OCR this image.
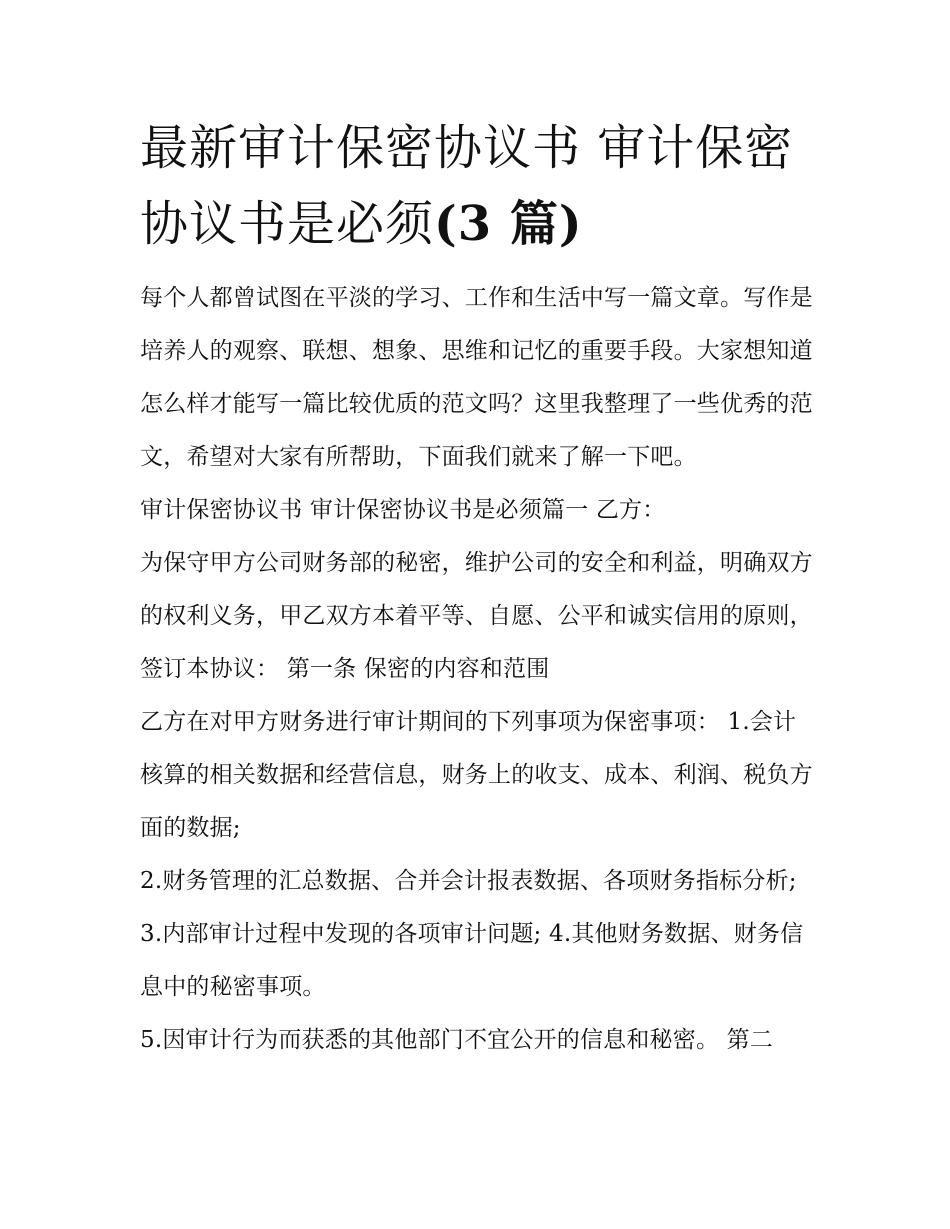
最新审计保密协议书 审计保密协议书是必须(3 篇)

每个人都曾试图在平淡的学习、工作和生活中写一篇文章。写作是培养人的观察、联想、想象、思维和记忆的重要手段。大家想知道怎么样才能写一篇比较优质的范文吗？这里我整理了一些优秀的范文，希望对大家有所帮助，下面我们就来了解一下吧。

审计保密协议书 审计保密协议书是必须篇一 乙方：

为保守甲方公司财务部的秘密，维护公司的安全和利益，明确双方的权利义务，甲乙双方本着平等、自愿、公平和诚实信用的原则，签订本协议： 第一条 保密的内容和范围

乙方在对甲方财务进行审计期间的下列事项为保密事项： 1.会计核算的相关数据和经营信息，财务上的收支、成本、利润、税负方面的数据;

2.财务管理的汇总数据、合并会计报表数据、各项财务指标分析; 3.内部审计过程中发现的各项审计问题; 4.其他财务数据、财务信息中的秘密事项。

5.因审计行为而获悉的其他部门不宜公开的信息和秘密。 第二
